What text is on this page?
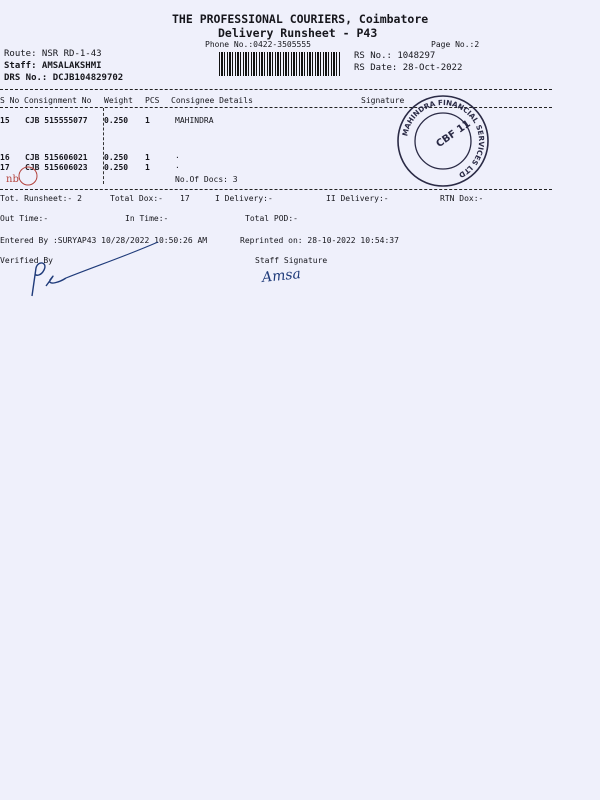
THE PROFESSIONAL COURIERS, Coimbatore
Delivery Runsheet - P43
Phone No.:0422-3505555	Page No.:2
Route: NSR RD-1-43
Staff: AMSALAKSHMI
DRS No.: DCJB104829702
RS No.: 1048297
RS Date: 28-Oct-2022
S No Consignment No Weight PCS Consignee Details	Signature
15 CJB 515555077 0.250 1	MAHINDRA
16 CJB 515606021 0.250 1	.
17 CJB 515606023 0.250 1	.
No.Of Docs: 3
nb
MAHINDRA FINANCIAL SERVICES LTD
CBF 11
Tot. Runsheet:- 2	Total Dox:- 17	I Delivery:-	II Delivery:-	RTN Dox:-
Out Time:-	In Time:-	Total POD:-
Entered By :SURYAP43 10/28/2022 10:50:26 AM	Reprinted on: 28-10-2022 10:54:37
Verified By	Staff Signature
Amsa
